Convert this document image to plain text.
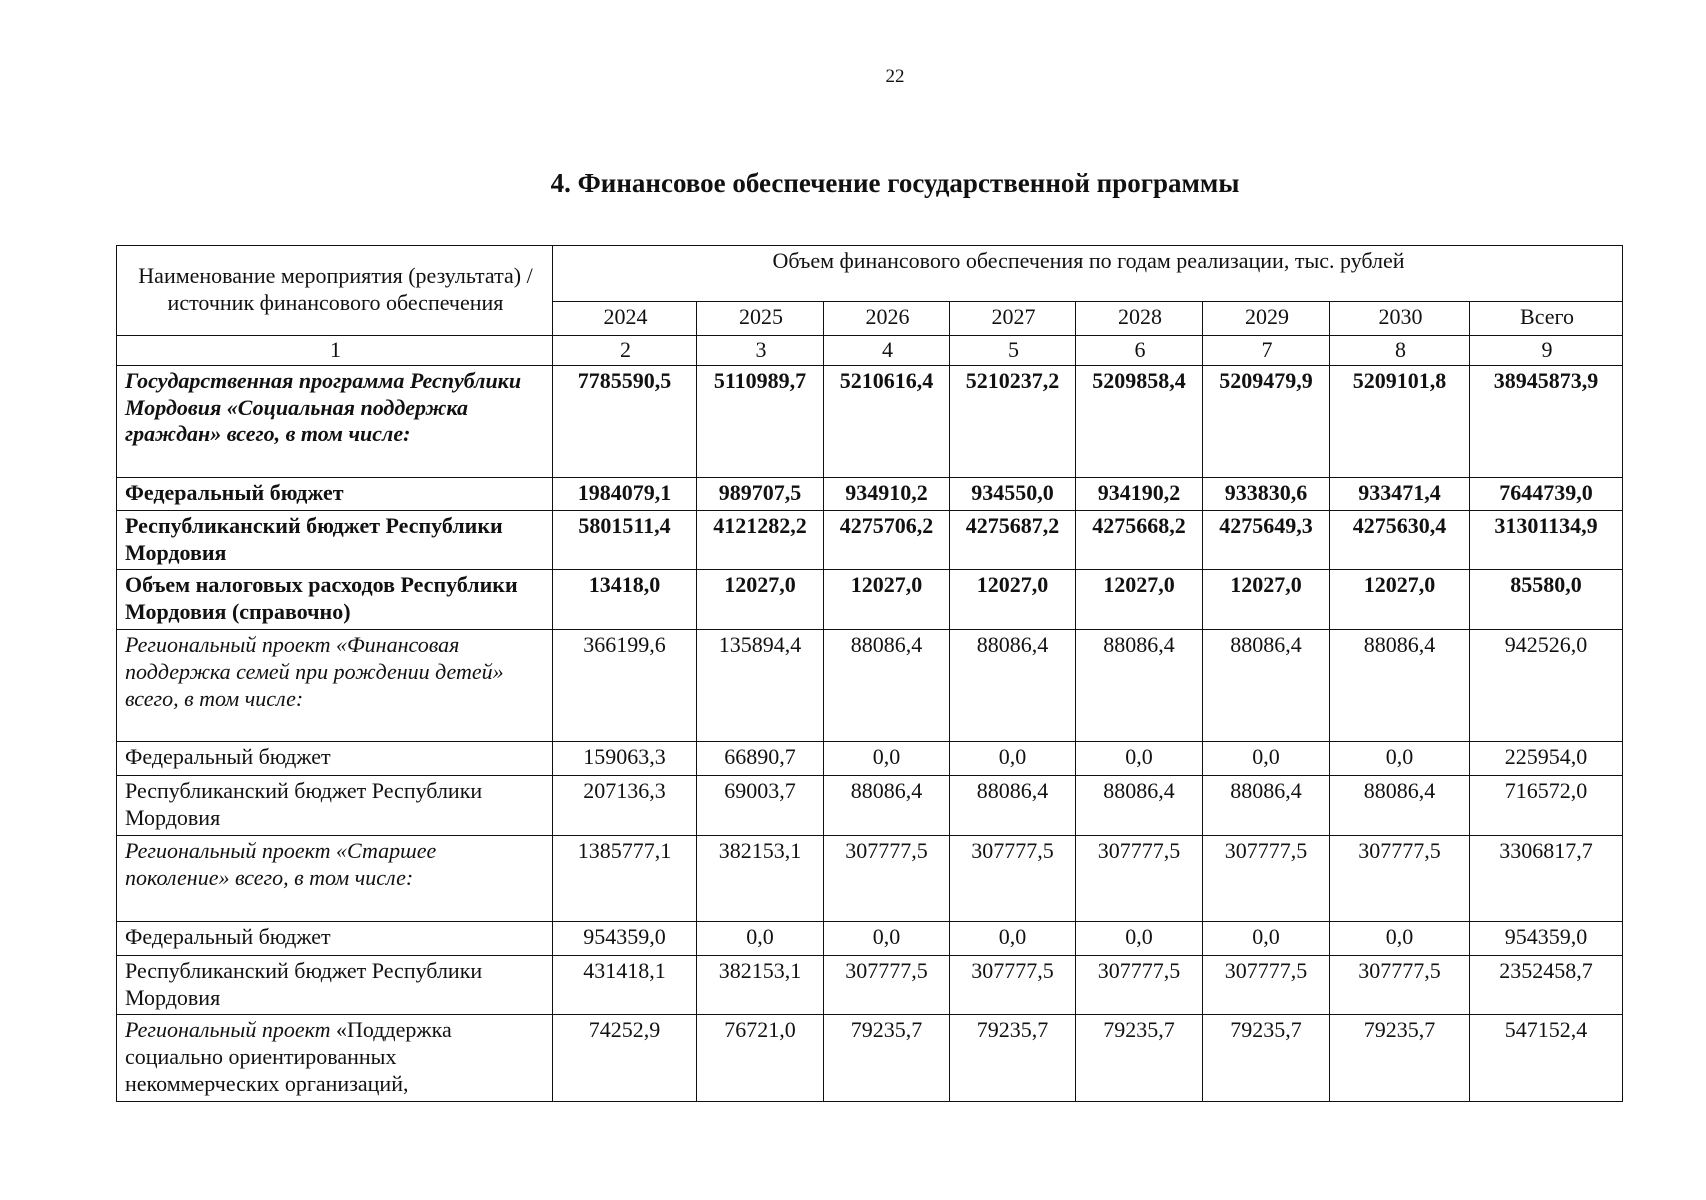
22
4. Финансовое обеспечение государственной программы
Наименование мероприятия (результата) / источник финансового обеспечения	Объем финансового обеспечения по годам реализации, тыс. рублей							
	2024	2025	2026	2027	2028	2029	2030	Всего
1	2	3	4	5	6	7	8	9
Государственная программа Республики Мордовия «Социальная поддержка граждан» всего, в том числе:	7785590,5	5110989,7	5210616,4	5210237,2	5209858,4	5209479,9	5209101,8	38945873,9
Федеральный бюджет	1984079,1	989707,5	934910,2	934550,0	934190,2	933830,6	933471,4	7644739,0
Республиканский бюджет Республики Мордовия	5801511,4	4121282,2	4275706,2	4275687,2	4275668,2	4275649,3	4275630,4	31301134,9
Объем налоговых расходов Республики Мордовия (справочно)	13418,0	12027,0	12027,0	12027,0	12027,0	12027,0	12027,0	85580,0
Региональный проект «Финансовая поддержка семей при рождении детей» всего, в том числе:	366199,6	135894,4	88086,4	88086,4	88086,4	88086,4	88086,4	942526,0
Федеральный бюджет	159063,3	66890,7	0,0	0,0	0,0	0,0	0,0	225954,0
Республиканский бюджет Республики Мордовия	207136,3	69003,7	88086,4	88086,4	88086,4	88086,4	88086,4	716572,0
Региональный проект «Старшее поколение» всего, в том числе:	1385777,1	382153,1	307777,5	307777,5	307777,5	307777,5	307777,5	3306817,7
Федеральный бюджет	954359,0	0,0	0,0	0,0	0,0	0,0	0,0	954359,0
Республиканский бюджет Республики Мордовия	431418,1	382153,1	307777,5	307777,5	307777,5	307777,5	307777,5	2352458,7
Региональный проект «Поддержка социально ориентированных некоммерческих организаций,	74252,9	76721,0	79235,7	79235,7	79235,7	79235,7	79235,7	547152,4
